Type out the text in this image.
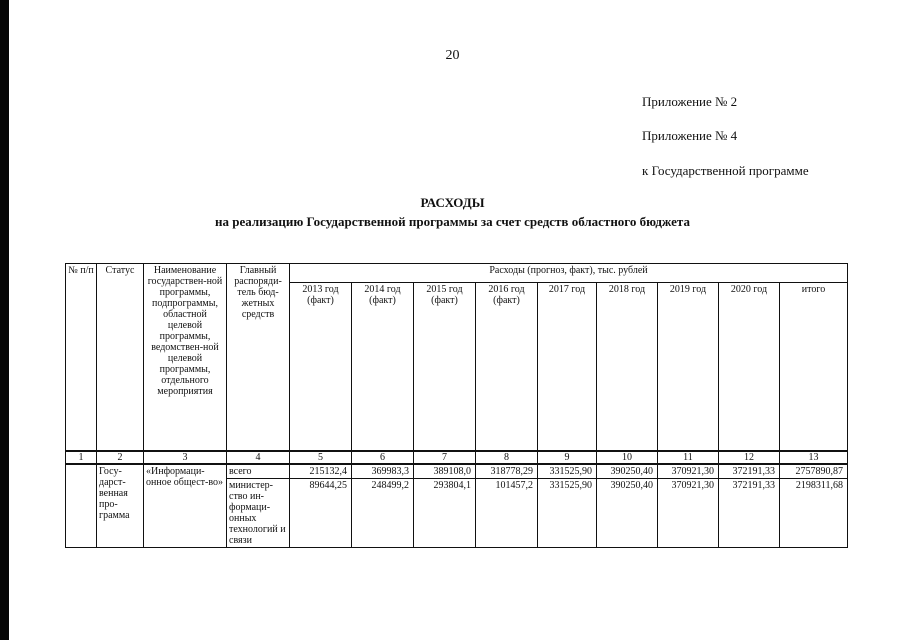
20
Приложение № 2
Приложение № 4
к Государственной программе
РАСХОДЫ
на реализацию Государственной программы за счет средств областного бюджета
№ п/п	Статус	Наименование государствен-ной программы, подпрограммы, областной целевой программы, ведомствен-ной целевой программы, отдельного мероприятия	Главный распоряди-тель бюд-жетных средств	Расходы (прогноз, факт), тыс. рублей								
				2013 год (факт)	2014 год (факт)	2015 год (факт)	2016 год (факт)	2017 год	2018 год	2019 год	2020 год	итого
1	2	3	4	5	6	7	8	9	10	11	12	13
	Госу-дарст-венная про-грамма	«Информаци-онное общест-во»	всего	215132,4	369983,3	389108,0	318778,29	331525,90	390250,40	370921,30	372191,33	2757890,87
			министер-ство ин-формаци-онных технологий и связи	89644,25	248499,2	293804,1	101457,2	331525,90	390250,40	370921,30	372191,33	2198311,68
